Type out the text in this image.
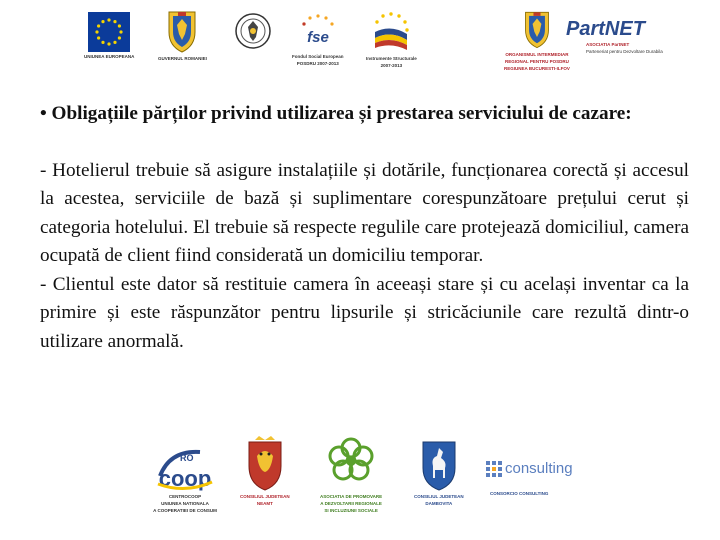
UNIUNEA EUROPEANA	GUVERNUL ROMANIEI
fse
Fondul Social European
POSDRU 2007-2013
Instrumente Structurale
2007-2013
ORGANISMUL INTERMEDIAR
REGIONAL PENTRU POSDRU
REGIUNEA BUCURESTI-ILFOV
PartNET
ASOCIATIA PartNET
Parteneriat pentru Dezvoltare Durabila

• Obligațiile părților privind utilizarea și prestarea serviciului de cazare:

- Hotelierul trebuie să asigure instalațiile și dotările, funcționarea corectă și accesul la acestea, serviciile de bază și suplimentare corespunzătoare prețului cerut și categoria hotelului. El trebuie să respecte regulile care protejează domiciliul, camera ocupată de client fiind considerată un domiciliu temporar.

- Clientul este dator să restituie camera în aceeași stare și cu același inventar ca la primire și este răspunzător pentru lipsurile și stricăciunile care rezultă dintr-o utilizare anormală.

RO
coop
CENTROCOOP
UNIUNEA NATIONALA
A COOPERATIEI DE CONSUM
CONSILIUL JUDETEAN
NEAMT
ASOCIATIA DE PROMOVARE
A DEZVOLTARII REGIONALE
SI INCLUZIUNII SOCIALE
CONSILIUL JUDETEAN
DAMBOVITA
consulting
CONSORCIO CONSULTING
